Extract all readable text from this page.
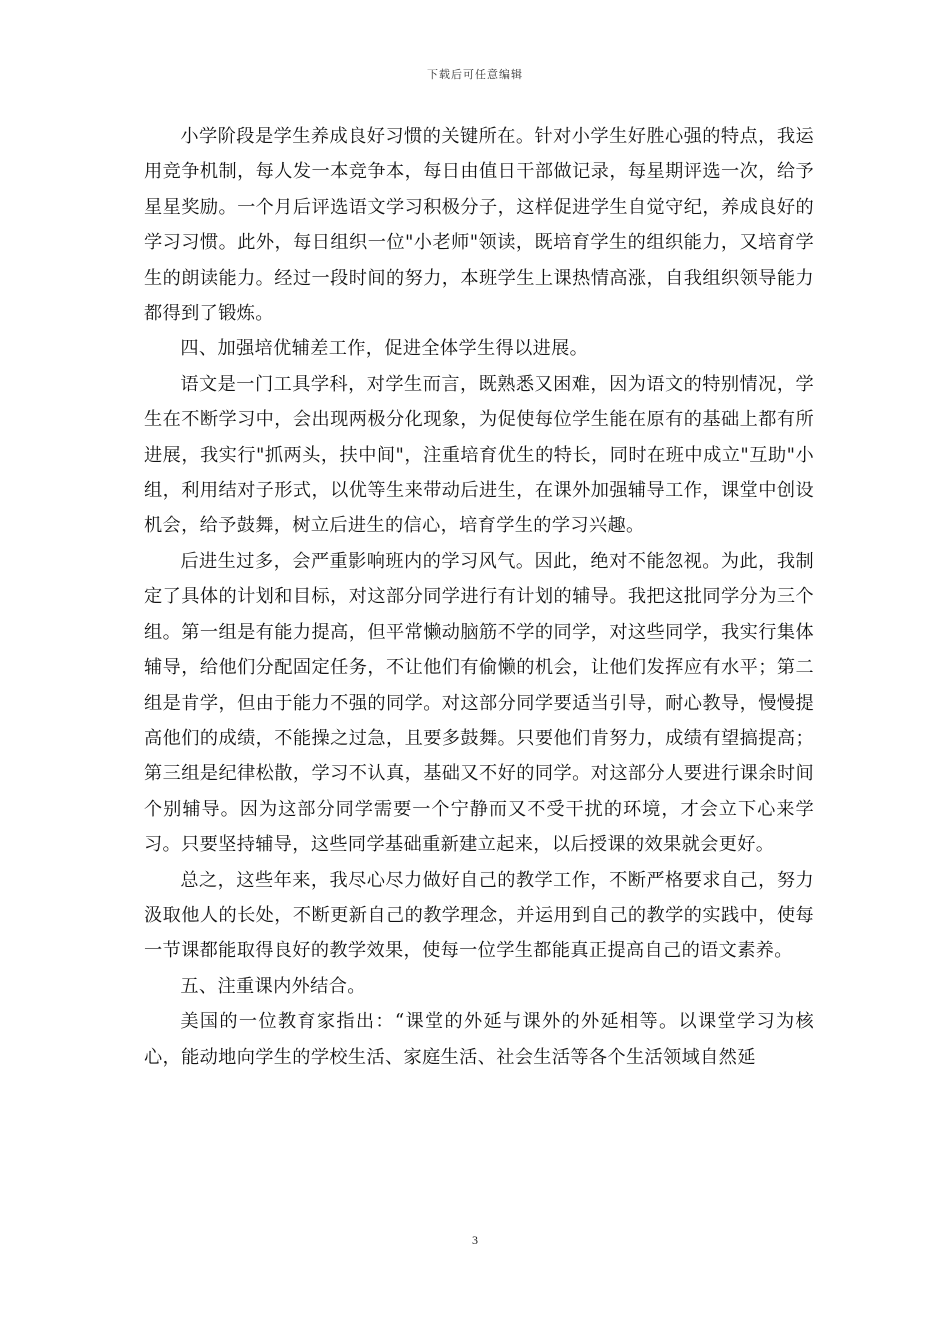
下载后可任意编辑

小学阶段是学生养成良好习惯的关键所在。针对小学生好胜心强的特点，我运用竞争机制，每人发一本竞争本，每日由值日干部做记录，每星期评选一次，给予星星奖励。一个月后评选语文学习积极分子，这样促进学生自觉守纪，养成良好的学习习惯。此外，每日组织一位"小老师"领读，既培育学生的组织能力，又培育学生的朗读能力。经过一段时间的努力，本班学生上课热情高涨，自我组织领导能力都得到了锻炼。

四、加强培优辅差工作，促进全体学生得以进展。

语文是一门工具学科，对学生而言，既熟悉又困难，因为语文的特别情况，学生在不断学习中，会出现两极分化现象，为促使每位学生能在原有的基础上都有所进展，我实行"抓两头，扶中间"，注重培育优生的特长，同时在班中成立"互助"小组，利用结对子形式，以优等生来带动后进生，在课外加强辅导工作，课堂中创设机会，给予鼓舞，树立后进生的信心，培育学生的学习兴趣。

后进生过多，会严重影响班内的学习风气。因此，绝对不能忽视。为此，我制定了具体的计划和目标，对这部分同学进行有计划的辅导。我把这批同学分为三个组。第一组是有能力提高，但平常懒动脑筋不学的同学，对这些同学，我实行集体辅导，给他们分配固定任务，不让他们有偷懒的机会，让他们发挥应有水平；第二组是肯学，但由于能力不强的同学。对这部分同学要适当引导，耐心教导，慢慢提高他们的成绩，不能操之过急，且要多鼓舞。只要他们肯努力，成绩有望搞提高；第三组是纪律松散，学习不认真，基础又不好的同学。对这部分人要进行课余时间个别辅导。因为这部分同学需要一个宁静而又不受干扰的环境，才会立下心来学习。只要坚持辅导，这些同学基础重新建立起来，以后授课的效果就会更好。

总之，这些年来，我尽心尽力做好自己的教学工作，不断严格要求自己，努力汲取他人的长处，不断更新自己的教学理念，并运用到自己的教学的实践中，使每一节课都能取得良好的教学效果，使每一位学生都能真正提高自己的语文素养。

五、注重课内外结合。

美国的一位教育家指出：“课堂的外延与课外的外延相等。以课堂学习为核心，能动地向学生的学校生活、家庭生活、社会生活等各个生活领域自然延

3
